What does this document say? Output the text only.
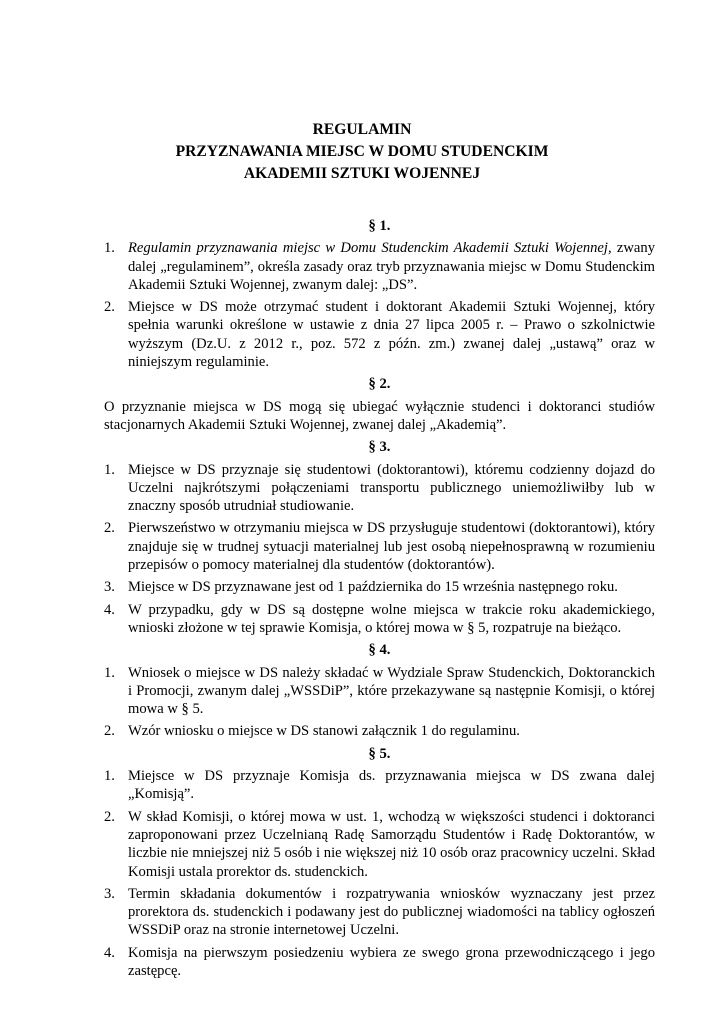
REGULAMIN
PRZYZNAWANIA MIEJSC W DOMU STUDENCKIM
AKADEMII SZTUKI WOJENNEJ
§ 1.
1. Regulamin przyznawania miejsc w Domu Studenckim Akademii Sztuki Wojennej, zwany dalej „regulaminem”, określa zasady oraz tryb przyznawania miejsc w Domu Studenckim Akademii Sztuki Wojennej, zwanym dalej: „DS”.
2. Miejsce w DS może otrzymać student i doktorant Akademii Sztuki Wojennej, który spełnia warunki określone w ustawie z dnia 27 lipca 2005 r. – Prawo o szkolnictwie wyższym (Dz.U. z 2012 r., poz. 572 z późn. zm.) zwanej dalej „ustawą” oraz w niniejszym regulaminie.
§ 2.
O przyznanie miejsca w DS mogą się ubiegać wyłącznie studenci i doktoranci studiów stacjonarnych Akademii Sztuki Wojennej, zwanej dalej „Akademią”.
§ 3.
1. Miejsce w DS przyznaje się studentowi (doktorantowi), któremu codzienny dojazd do Uczelni najkrótszymi połączeniami transportu publicznego uniemożliwiłby lub w znaczny sposób utrudniał studiowanie.
2. Pierwszeństwo w otrzymaniu miejsca w DS przysługuje studentowi (doktorantowi), który znajduje się w trudnej sytuacji materialnej lub jest osobą niepełnosprawną w rozumieniu przepisów o pomocy materialnej dla studentów (doktorantów).
3. Miejsce w DS przyznawane jest od 1 października do 15 września następnego roku.
4. W przypadku, gdy w DS są dostępne wolne miejsca w trakcie roku akademickiego, wnioski złożone w tej sprawie Komisja, o której mowa w § 5, rozpatruje na bieżąco.
§ 4.
1. Wniosek o miejsce w DS należy składać w Wydziale Spraw Studenckich, Doktoranckich i Promocji, zwanym dalej „WSSDiP”, które przekazywane są następnie Komisji, o której mowa w § 5.
2. Wzór wniosku o miejsce w DS stanowi załącznik 1 do regulaminu.
§ 5.
1. Miejsce w DS przyznaje Komisja ds. przyznawania miejsca w DS zwana dalej „Komisją”.
2. W skład Komisji, o której mowa w ust. 1, wchodzą w większości studenci i doktoranci zaproponowani przez Uczelnianą Radę Samorządu Studentów i Radę Doktorantów, w liczbie nie mniejszej niż 5 osób i nie większej niż 10 osób oraz pracownicy uczelni. Skład Komisji ustala prorektor ds. studenckich.
3. Termin składania dokumentów i rozpatrywania wniosków wyznaczany jest przez prorektora ds. studenckich i podawany jest do publicznej wiadomości na tablicy ogłoszeń WSSDiP oraz na stronie internetowej Uczelni.
4. Komisja na pierwszym posiedzeniu wybiera ze swego grona przewodniczącego i jego zastępcę.
